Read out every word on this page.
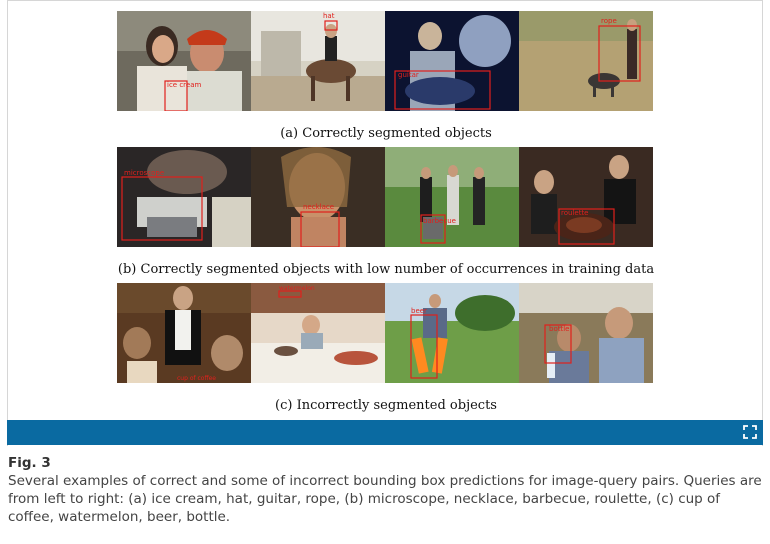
ice cream
hat
guitar
rope
(a) Correctly segmented objects
microscope
necklace
barbecue
roulette
(b) Correctly segmented objects with low number of occurrences in training data
cup of coffee
watermelon
beer
bottle
(c) Incorrectly segmented objects
Fig. 3
Several examples of correct and some of incorrect bounding box predictions for image-query pairs. Queries are from left to right: (a) ice cream, hat, guitar, rope, (b) microscope, necklace, barbecue, roulette, (c) cup of coffee, watermelon, beer, bottle.
